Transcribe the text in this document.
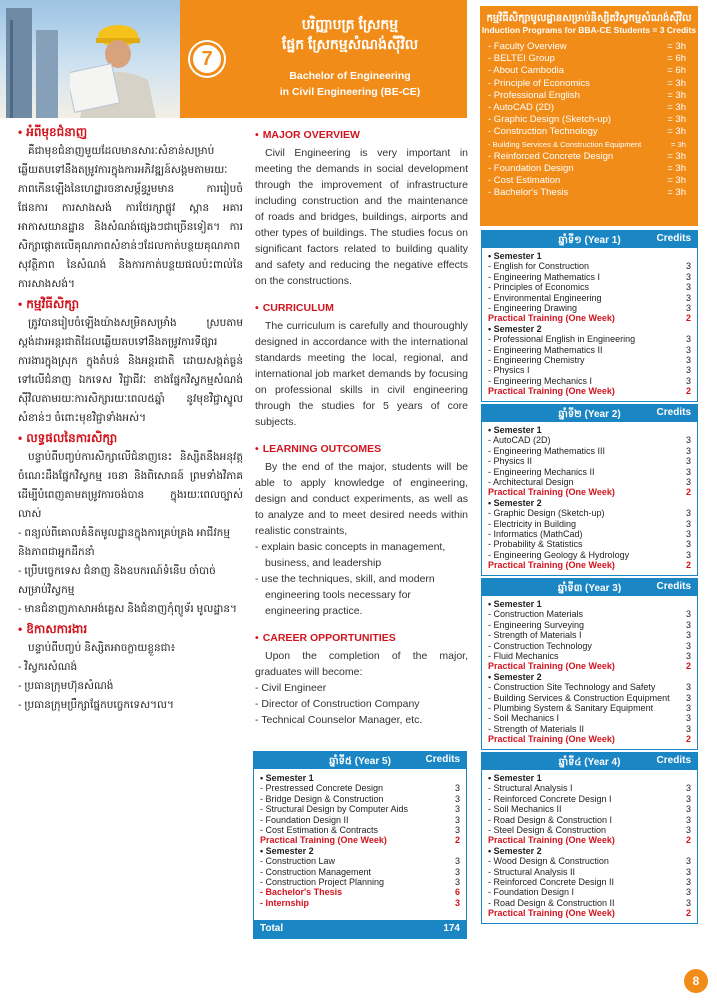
7
បរិញ្ញាបត្រ ស្រែកម្ម
ផ្នែក ស្រែកម្មសំណង់ស៊ីវិល
Bachelor of Engineering
in Civil Engineering (BE-CE)
• អំពីមុខជំនាញ
គឺជាមុខជំនាញមួយដែលមានសារៈសំខាន់សម្រាប់ឆ្លើយតបទៅនឹងតម្រូវការក្នុងការអភិវឌ្ឍន៍សង្គមតាមរយៈភាពកើនឡើងនៃហេដ្ឋារចនាសម្ព័ន្ធរួមមាន ការរៀបចំផែនការ ការសាងសង់ ការថែរក្សាផ្លូវ ស្ពាន អគារ អាកាសយានដ្ឋាន និងសំណង់ផ្សេងៗជាច្រើនទៀត។ ការសិក្សាផ្ដោតលើគុណភាពសំខាន់ៗដែលកាត់បន្ថយគុណភាព សុវត្ថិភាព នៃសំណង់ និងការកាត់បន្ថយផលប៉ះពាល់នៃការសាងសង់។
• កម្មវិធីសិក្សា
ត្រូវបានរៀបចំឡើងយ៉ាងសម្រិតសម្រាំង ស្របតាមស្តង់ដារអន្តរជាតិដែលឆ្លើយតបទៅនឹងតម្រូវការទីផ្សារការងារក្នុងស្រុក ក្នុងតំបន់ និងអន្តរជាតិ ដោយសង្កត់ធ្ងន់ទៅលើជំនាញ ឯកទេស វិជ្ជាជីវៈ ខាងផ្នែកវិស្វកម្មសំណង់ស៊ីវិលតាមរយៈការសិក្សារយៈពេល៥ឆ្នាំ នូវមុខវិជ្ជាស្នូលសំខាន់ៗ ចំពោះមុខវិជ្ជាទាំងអស់។
• លទ្ធផលនៃការសិក្សា
បន្ទាប់ពីបញ្ចប់ការសិក្សាលើជំនាញនេះ និស្សិតនឹងអនុវត្តចំណេះដឹងផ្នែកវិស្វកម្ម រចនា និងពិសោធន៍ ព្រមទាំងវិភាគ ដើម្បីបំពេញតាមតម្រូវការចង់បាន ក្នុងរយៈពេលច្បាស់លាស់
- ពន្យល់ពីគោលគំនិតមូលដ្ឋានក្នុងការគ្រប់គ្រង អាជីវកម្ម និងភាពជាអ្នកដឹកនាំ
- ប្រើបច្ចេកទេស ជំនាញ និងឧបករណ៍ទំនើប ចាំបាច់សម្រាប់វិស្វកម្ម
- មានជំនាញភាសាអង់គ្លេស និងជំនាញកុំព្យូទ័រ មូលដ្ឋាន។
• ឱកាសការងារ
បន្ទាប់ពីបញ្ចប់ និស្សិតអាចក្លាយខ្លួនជា៖
- វិស្វករសំណង់
- ប្រធានក្រុមហ៊ុនសំណង់
- ប្រធានក្រុមប្រឹក្សាផ្នែកបច្ចេកទេស។ល។
• MAJOR OVERVIEW
Civil Engineering is very important in meeting the demands in social development through the improvement of infrastructure including construction and the maintenance of roads and bridges, buildings, airports and other types of buildings. The studies focus on significant factors related to building quality and safety and reducing the negative effects on the constructions.
• CURRICULUM
The curriculum is carefully and thouroughly designed in accordance with the international standards meeting the local, regional, and international job market demands by focusing on professional skills in civil engineering through the studies for 5 years of core subjects.
• LEARNING OUTCOMES
By the end of the major, students will be able to apply knowledge of engineering, design and conduct experiments, as well as to analyze and to meet desired needs within realistic constraints,
- explain basic concepts in management, business, and leadership
- use the techniques, skill, and modern engineering tools necessary for engineering practice.
• CAREER OPPORTUNITIES
Upon the completion of the major, graduates will become:
- Civil Engineer
- Director of Construction Company
- Technical Counselor Manager, etc.
កម្មវិធីសិក្សាមូលដ្ឋានសម្រាប់និស្សិតវិស្វកម្មសំណង់ស៊ីវិល
Induction Programs for BBA-CE Students = 3 Credits
- Faculty Overview	= 3h
- BELTEI Group	= 6h
- About Cambodia	= 6h
- Principle of Economics	= 3h
- Professional English	= 3h
- AutoCAD (2D)	= 3h
- Graphic Design (Sketch-up)	= 3h
- Construction Technology	= 3h
- Building Services & Construction Equipment	= 3h
- Reinforced Concrete Design	= 3h
- Foundation Design	= 3h
- Cost Estimation	= 3h
- Bachelor's Thesis	= 3h
ឆ្នាំទី១ (Year 1)	Credits
• Semester 1
- English for Construction	3
- Engineering Mathematics I	3
- Principles of Economics	3
- Environmental Engineering	3
- Engineering Drawing	3
Practical Training (One Week)	2
• Semester 2
- Professional English in Engineering	3
- Engineering Mathematics II	3
- Engineering Chemistry	3
- Physics I	3
- Engineering Mechanics I	3
Practical Training (One Week)	2
ឆ្នាំទី២ (Year 2)	Credits
• Semester 1
- AutoCAD (2D)	3
- Engineering Mathematics III	3
- Physics II	3
- Engineering Mechanics II	3
- Architectural Design	3
Practical Training (One Week)	2
• Semester 2
- Graphic Design (Sketch-up)	3
- Electricity in Building	3
- Informatics (MathCad)	3
- Probability & Statistics	3
- Engineering Geology & Hydrology	3
Practical Training (One Week)	2
ឆ្នាំទី៣ (Year 3)	Credits
• Semester 1
- Construction Materials	3
- Engineering Surveying	3
- Strength of Materials I	3
- Construction Technology	3
- Fluid Mechanics	3
Practical Training (One Week)	2
• Semester 2
- Construction Site Technology and Safety	3
- Building Services & Construction Equipment 3
- Plumbing System & Sanitary Equipment	3
- Soil Mechanics I	3
- Strength of Materials II	3
Practical Training (One Week)	2
ឆ្នាំទី៤ (Year 4)	Credits
• Semester 1
- Structural Analysis I	3
- Reinforced Concrete Design I	3
- Soil Mechanics II	3
- Road Design & Construction I	3
- Steel Design & Construction	3
Practical Training (One Week)	2
• Semester 2
- Wood Design & Construction	3
- Structural Analysis II	3
- Reinforced Concrete Design II	3
- Foundation Design I	3
- Road Design & Construction II	3
Practical Training (One Week)	2
ឆ្នាំទី៥ (Year 5)	Credits
• Semester 1
- Prestressed Concrete Design	3
- Bridge Design & Construction	3
- Structural Design by Computer Aids	3
- Foundation Design II	3
- Cost Estimation & Contracts	3
Practical Training (One Week)	2
• Semester 2
- Construction Law	3
- Construction Management	3
- Construction Project Planning	3
- Bachelor's Thesis	6
- Internship	3
Total	174
8
